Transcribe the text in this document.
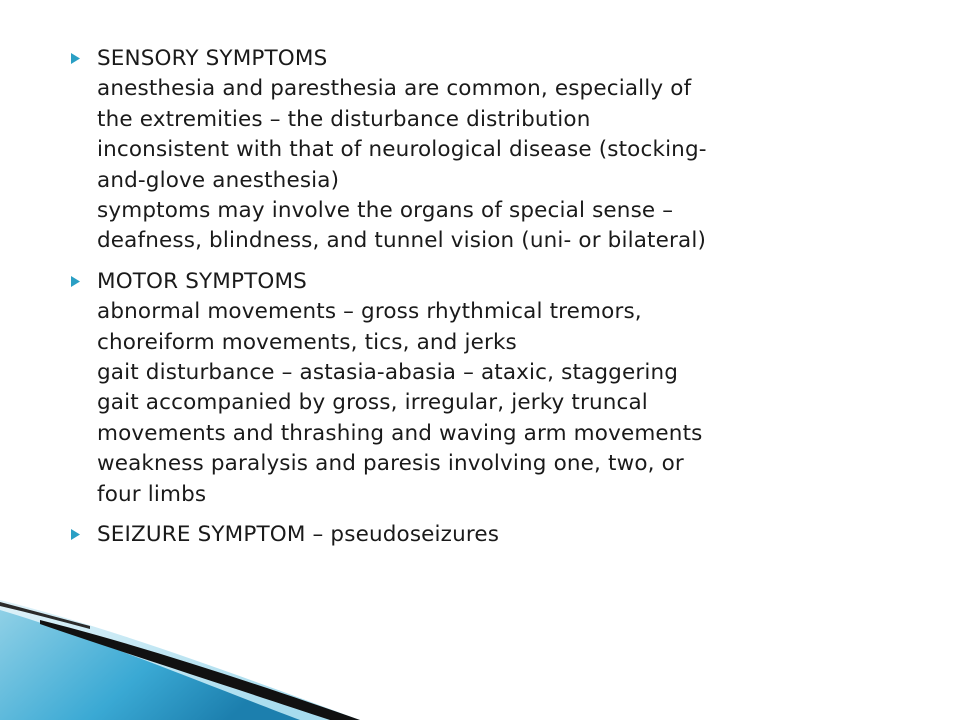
SENSORY SYMPTOMS
anesthesia and paresthesia are common, especially of
the extremities – the disturbance distribution
inconsistent with that of neurological disease (stocking-
and-glove anesthesia)
symptoms may involve the organs of special sense –
deafness, blindness, and tunnel vision (uni- or bilateral)
MOTOR SYMPTOMS
abnormal movements – gross rhythmical tremors,
choreiform movements, tics, and jerks
gait disturbance – astasia-abasia – ataxic, staggering
gait accompanied by gross, irregular, jerky truncal
movements and thrashing and waving arm movements
weakness paralysis and paresis involving one, two, or
four limbs
SEIZURE SYMPTOM – pseudoseizures
